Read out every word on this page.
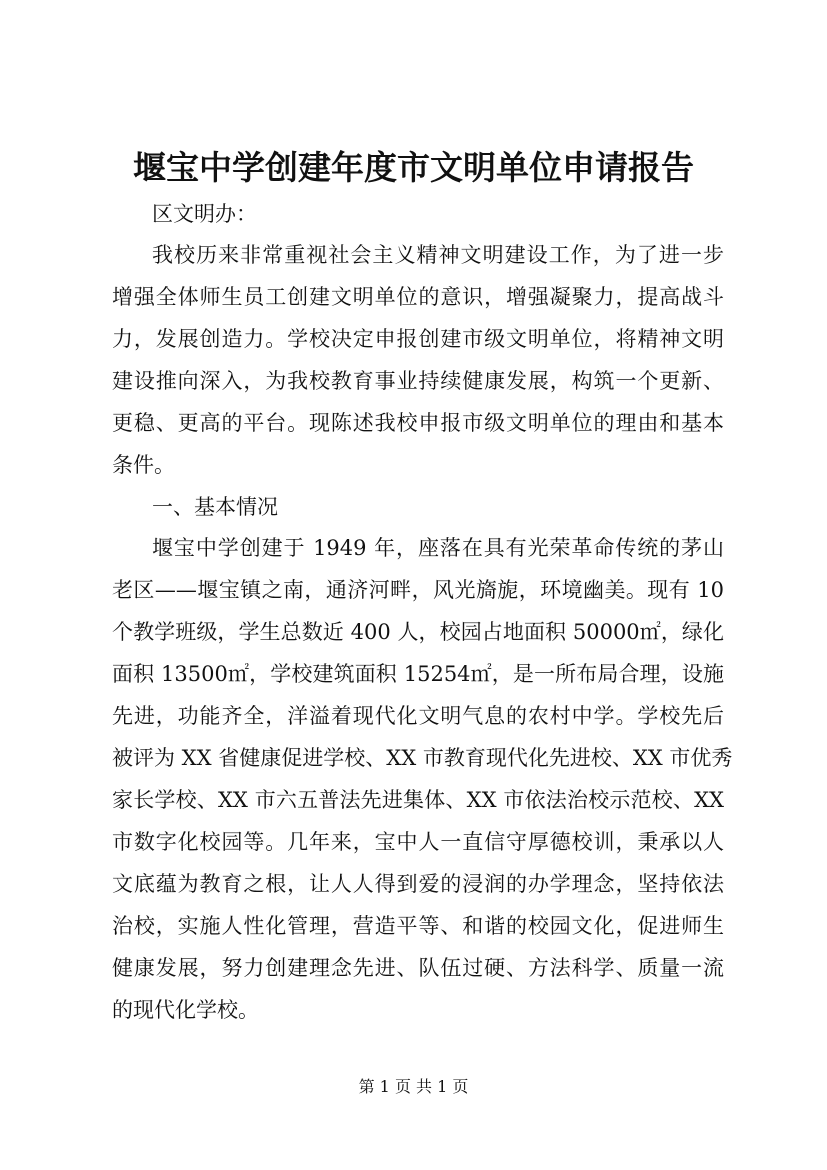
堰宝中学创建年度市文明单位申请报告
区文明办：
我校历来非常重视社会主义精神文明建设工作，为了进一步
增强全体师生员工创建文明单位的意识，增强凝聚力，提高战斗
力，发展创造力。学校决定申报创建市级文明单位，将精神文明
建设推向深入，为我校教育事业持续健康发展，构筑一个更新、
更稳、更高的平台。现陈述我校申报市级文明单位的理由和基本
条件。
一、基本情况
堰宝中学创建于 1949 年，座落在具有光荣革命传统的茅山
老区——堰宝镇之南，通济河畔，风光旖旎，环境幽美。现有 10
个教学班级，学生总数近 400 人，校园占地面积 50000㎡，绿化
面积 13500㎡，学校建筑面积 15254㎡，是一所布局合理，设施
先进，功能齐全，洋溢着现代化文明气息的农村中学。学校先后
被评为 XX 省健康促进学校、XX 市教育现代化先进校、XX 市优秀
家长学校、XX 市六五普法先进集体、XX 市依法治校示范校、XX
市数字化校园等。几年来，宝中人一直信守厚德校训，秉承以人
文底蕴为教育之根，让人人得到爱的浸润的办学理念，坚持依法
治校，实施人性化管理，营造平等、和谐的校园文化，促进师生
健康发展，努力创建理念先进、队伍过硬、方法科学、质量一流
的现代化学校。
第 1 页 共 1 页
